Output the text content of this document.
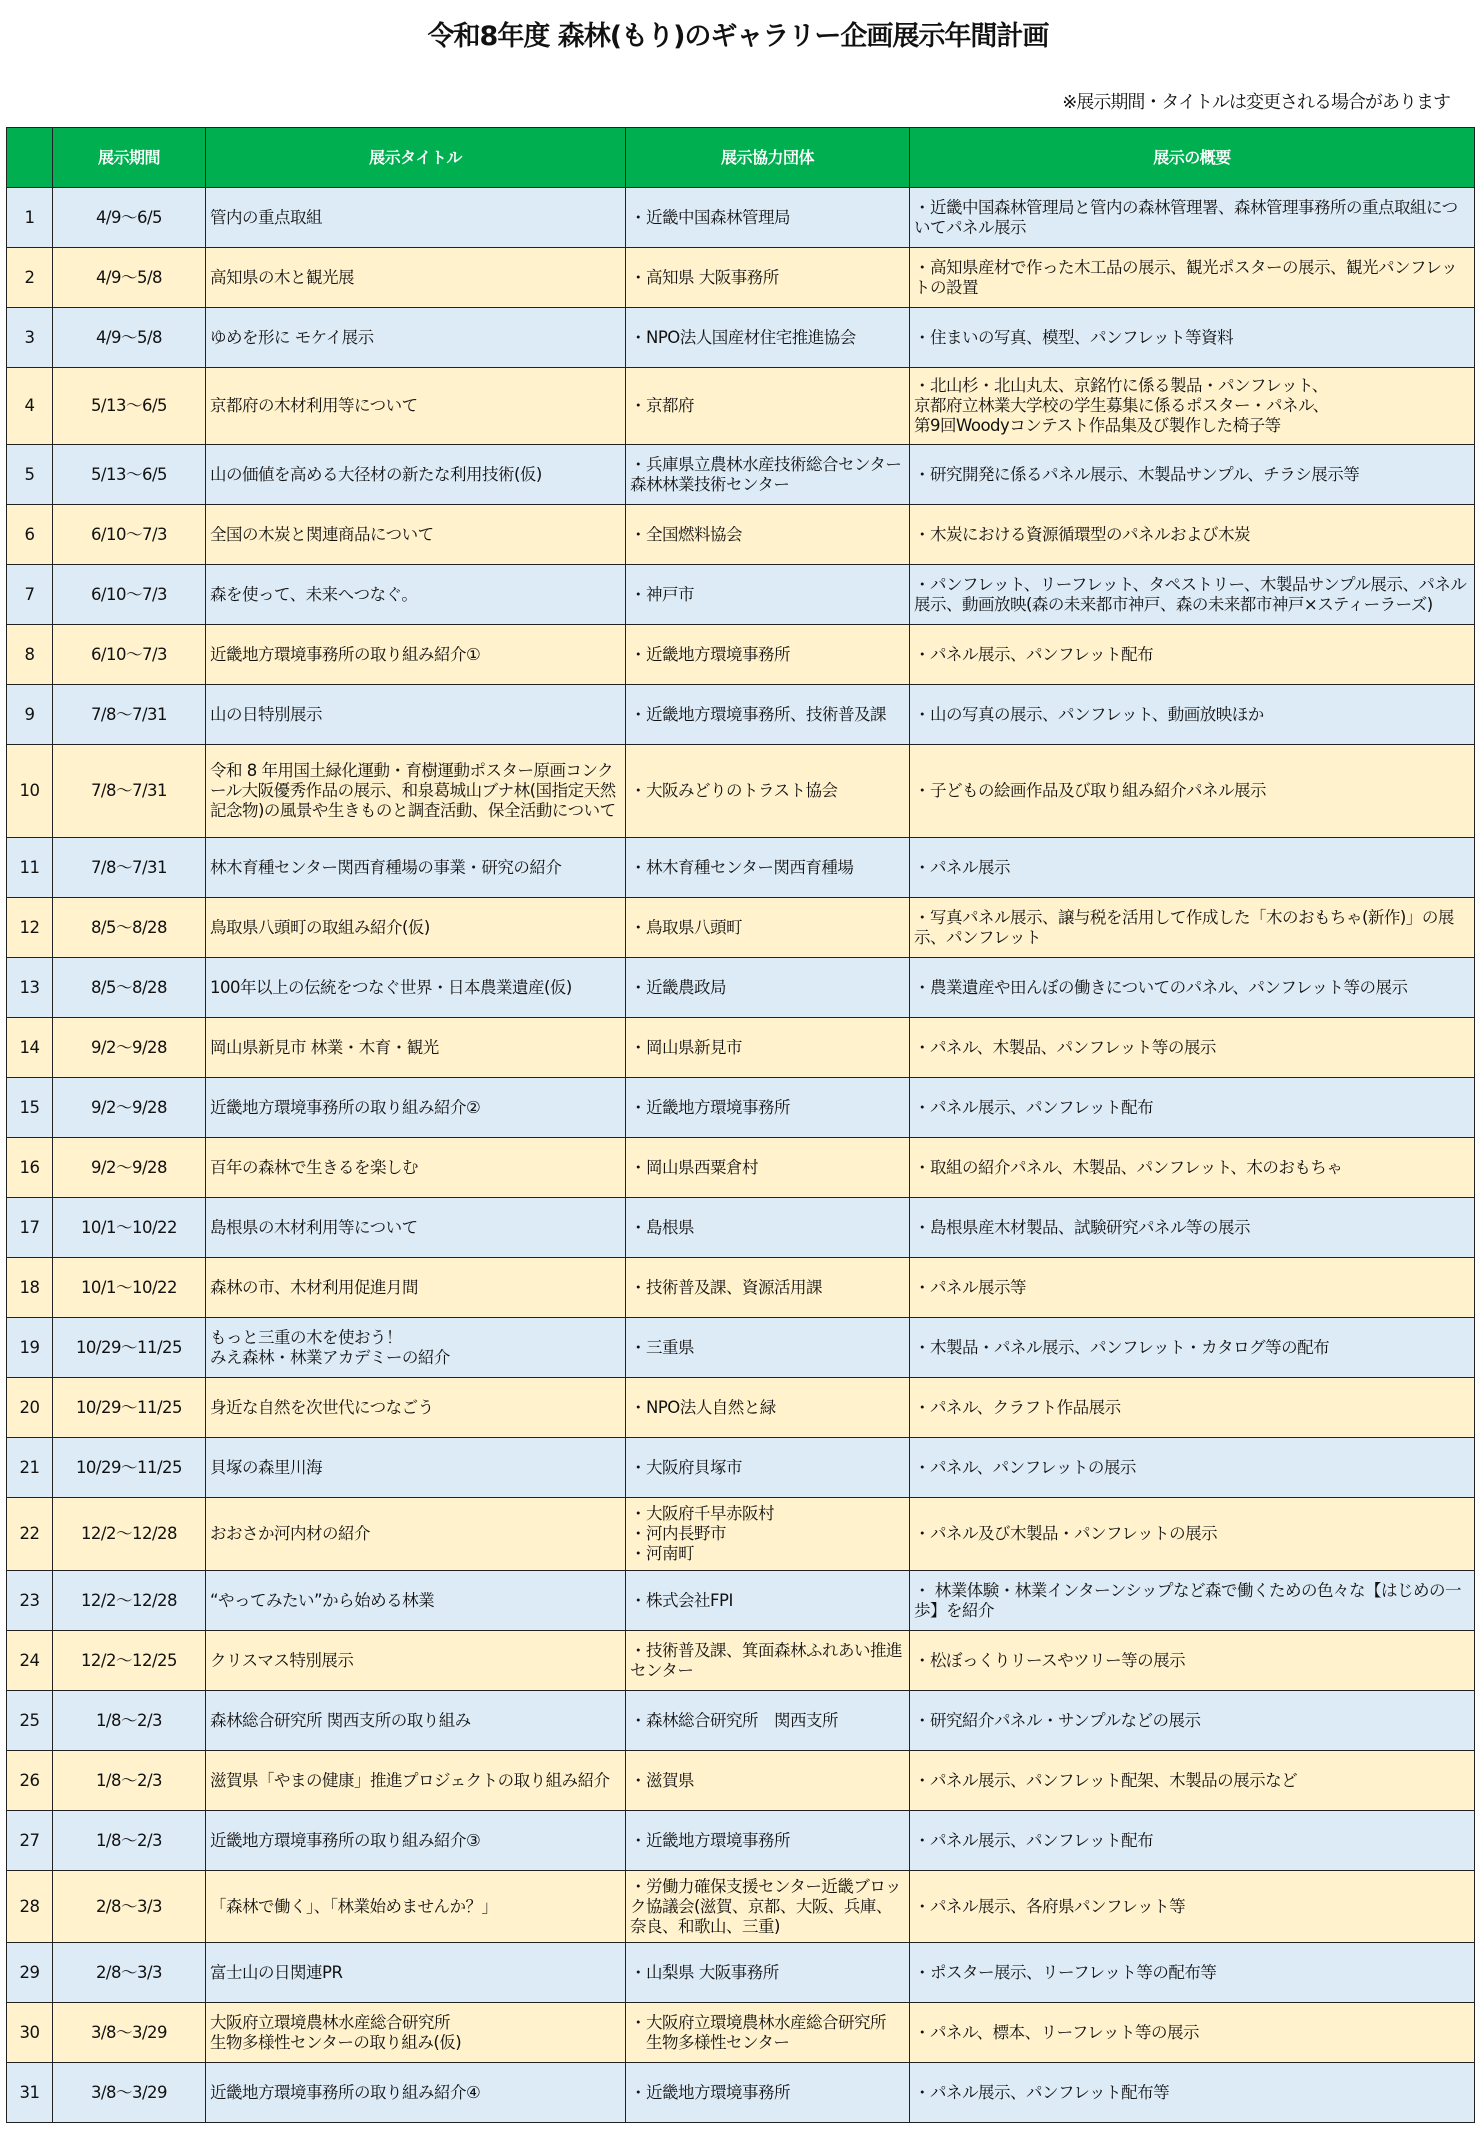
令和8年度 森林(もり)のギャラリー企画展示年間計画
※展示期間・タイトルは変更される場合があります
	展示期間	展示タイトル	展示協力団体	展示の概要
1	4/9～6/5	管内の重点取組	・近畿中国森林管理局	・近畿中国森林管理局と管内の森林管理署、森林管理事務所の重点取組についてパネル展示
2	4/9～5/8	高知県の木と観光展	・高知県 大阪事務所	・高知県産材で作った木工品の展示、観光ポスターの展示、観光パンフレットの設置
3	4/9～5/8	ゆめを形に モケイ展示	・NPO法人国産材住宅推進協会	・住まいの写真、模型、パンフレット等資料
4	5/13～6/5	京都府の木材利用等について	・京都府	・北山杉・北山丸太、京銘竹に係る製品・パンフレット、
京都府立林業大学校の学生募集に係るポスター・パネル、
第9回Woodyコンテスト作品集及び製作した椅子等
5	5/13～6/5	山の価値を高める大径材の新たな利用技術(仮)	・兵庫県立農林水産技術総合センター森林林業技術センター	・研究開発に係るパネル展示、木製品サンプル、チラシ展示等
6	6/10～7/3	全国の木炭と関連商品について	・全国燃料協会	・木炭における資源循環型のパネルおよび木炭
7	6/10～7/3	森を使って、未来へつなぐ。	・神戸市	・パンフレット、リーフレット、タペストリー、木製品サンプル展示、パネル展示、動画放映(森の未来都市神戸、森の未来都市神戸×スティーラーズ)
8	6/10～7/3	近畿地方環境事務所の取り組み紹介①	・近畿地方環境事務所	・パネル展示、パンフレット配布
9	7/8～7/31	山の日特別展示	・近畿地方環境事務所、技術普及課	・山の写真の展示、パンフレット、動画放映ほか
10	7/8～7/31	令和 8 年用国土緑化運動・育樹運動ポスター原画コンクール大阪優秀作品の展示、和泉葛城山ブナ林(国指定天然記念物)の風景や生きものと調査活動、保全活動について	・大阪みどりのトラスト協会	・子どもの絵画作品及び取り組み紹介パネル展示
11	7/8～7/31	林木育種センター関西育種場の事業・研究の紹介	・林木育種センター関西育種場	・パネル展示
12	8/5～8/28	鳥取県八頭町の取組み紹介(仮)	・鳥取県八頭町	・写真パネル展示、譲与税を活用して作成した「木のおもちゃ(新作)」の展示、パンフレット
13	8/5～8/28	100年以上の伝統をつなぐ世界・日本農業遺産(仮)	・近畿農政局	・農業遺産や田んぼの働きについてのパネル、パンフレット等の展示
14	9/2～9/28	岡山県新見市 林業・木育・観光	・岡山県新見市	・パネル、木製品、パンフレット等の展示
15	9/2～9/28	近畿地方環境事務所の取り組み紹介②	・近畿地方環境事務所	・パネル展示、パンフレット配布
16	9/2～9/28	百年の森林で生きるを楽しむ	・岡山県西粟倉村	・取組の紹介パネル、木製品、パンフレット、木のおもちゃ
17	10/1～10/22	島根県の木材利用等について	・島根県	・島根県産木材製品、試験研究パネル等の展示
18	10/1～10/22	森林の市、木材利用促進月間	・技術普及課、資源活用課	・パネル展示等
19	10/29～11/25	もっと三重の木を使おう！
みえ森林・林業アカデミーの紹介	・三重県	・木製品・パネル展示、パンフレット・カタログ等の配布
20	10/29～11/25	身近な自然を次世代につなごう	・NPO法人自然と緑	・パネル、クラフト作品展示
21	10/29～11/25	貝塚の森里川海	・大阪府貝塚市	・パネル、パンフレットの展示
22	12/2～12/28	おおさか河内材の紹介	・大阪府千早赤阪村
・河内長野市
・河南町	・パネル及び木製品・パンフレットの展示
23	12/2～12/28	“やってみたい”から始める林業	・株式会社FPI	・ 林業体験・林業インターンシップなど森で働くための色々な【はじめの一歩】を紹介
24	12/2～12/25	クリスマス特別展示	・技術普及課、箕面森林ふれあい推進センター	・松ぼっくりリースやツリー等の展示
25	1/8～2/3	森林総合研究所 関西支所の取り組み	・森林総合研究所　関西支所	・研究紹介パネル・サンプルなどの展示
26	1/8～2/3	滋賀県「やまの健康」推進プロジェクトの取り組み紹介	・滋賀県	・パネル展示、パンフレット配架、木製品の展示など
27	1/8～2/3	近畿地方環境事務所の取り組み紹介③	・近畿地方環境事務所	・パネル展示、パンフレット配布
28	2/8～3/3	「森林で働く」、「林業始めませんか？」	・労働力確保支援センター近畿ブロック協議会(滋賀、京都、大阪、兵庫、奈良、和歌山、三重)	・パネル展示、各府県パンフレット等
29	2/8～3/3	富士山の日関連PR	・山梨県 大阪事務所	・ポスター展示、リーフレット等の配布等
30	3/8～3/29	大阪府立環境農林水産総合研究所
生物多様性センターの取り組み(仮)	・大阪府立環境農林水産総合研究所
　生物多様性センター	・パネル、標本、リーフレット等の展示
31	3/8～3/29	近畿地方環境事務所の取り組み紹介④	・近畿地方環境事務所	・パネル展示、パンフレット配布等
